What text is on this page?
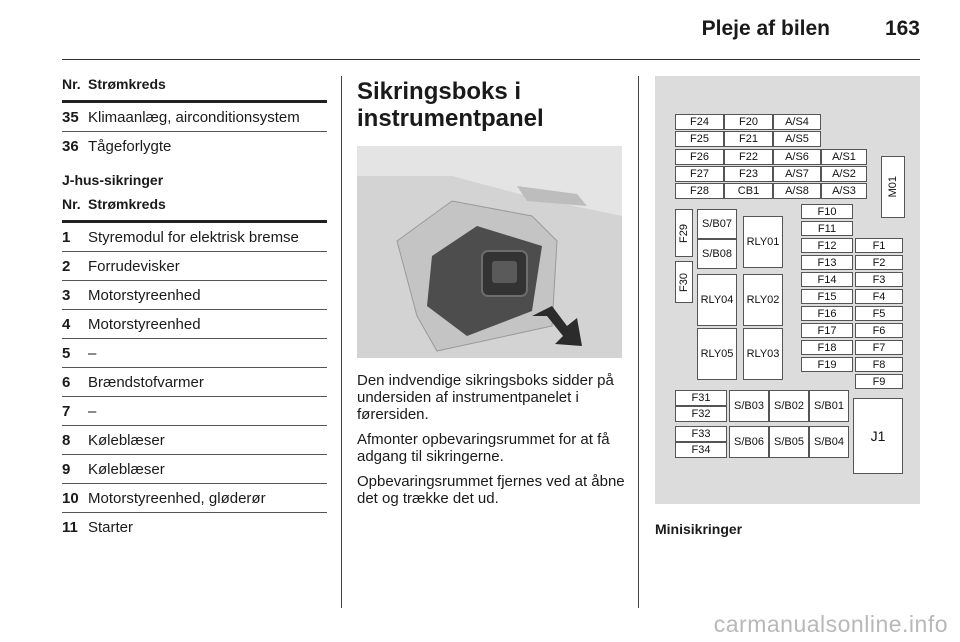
Pleje af bilen	163
Nr. Strømkreds
35 Klimaanlæg, airconditionsystem
36 Tågeforlygte
J-hus-sikringer
Nr. Strømkreds
1	Styremodul for elektrisk bremse
2	Forrudevisker
3	Motorstyreenhed
4	Motorstyreenhed
5	–
6	Brændstofvarmer
7	–
8	Køleblæser
9	Køleblæser
10 Motorstyreenhed, gløderør
11 Starter
Sikringsboks i
instrumentpanel

Den indvendige sikringsboks sidder på undersiden af instrumentpanelet i førersiden.

Afmonter opbevaringsrummet for at få adgang til sikringerne.

Opbevaringsrummet fjernes ved at åbne det og trække det ud.

F24	F20	A/S4
F25	F21	A/S5
F26	F22	A/S6	A/S1
F27	F23	A/S7	A/S2
F28	CB1	A/S8	A/S3	M01
F29	S/B07
S/B08
RLY01
F10
F11
F12	F1
F13	F2
F30
RLY04	RLY02
F14	F3
F15	F4
F16	F5
RLY05	RLY03
F17	F6
F18	F7
F19	F8
F9
F31
F32
S/B03 S/B02 S/B01
F33
F34
S/B06 S/B05 S/B04	J1
Minisikringer
carmanualsonline.info
